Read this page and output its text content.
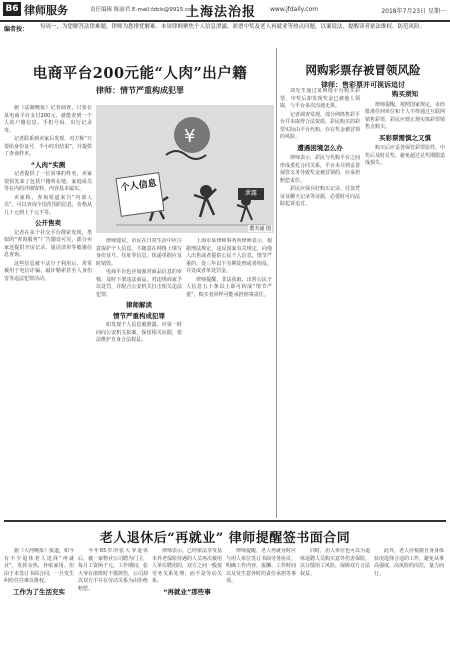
B6 律师服务	责任编辑 陈丽君 E-mail:fzbls@9915.com
上海法治报 www.jfdaily.com	2018年7月23日 星期一
编者按： 每周一，为您解答法律难题，律师为您排忧解难。本周律师聚焦个人信息泄露、彩票中奖及老人再就业等热点问题，以案说法，提醒读者依法维权、防范风险。
电商平台200元能“人肉”出户籍
律师：情节严重构成犯罪
¥
个人信息	泄露
董天丽 图

据《法制晚报》记者调查，只要在某电商平台支付200元，就能查到一个人的户籍信息、手机号码、出行记录等。

记者联系到卖家后发现，对方称“只要给身份证号，半小时出结果”，并提供了查询样本。

“人肉”实测

记者提供了一位同事的姓名，卖家很快发来了包括户籍所在地、家庭成员等在内的详细资料，内容基本属实。

卖家称，查询渠道来自“内部人员”，可以查询全国范围的信息，价格从几十元到上千元不等。

公开售卖

记者在多个社交平台搜索发现，类似的“查询服务”广告随处可见，部分卖家还提供开房记录、通话清单等敏感信息查询。

这些信息被不法分子利用后，常常被用于电信诈骗、敲诈勒索甚至人身伤害等违法犯罪活动。

律师建议，市民在日常生活中应注意保护个人信息，不随意在网络上填写身份证号、住址等信息，快递单据应及时销毁。

电商平台也应加强对商品信息的审核，及时下架违法商品，对违规商家予以处罚，并配合公安机关打击相关违法犯罪。

律师解读
情节严重构成犯罪

如发现个人信息被泄露，应第一时间向公安机关报案，保留相关证据，依法维护自身合法权益。

上海市某律师事务所律师表示，根据刑法规定，违反国家有关规定，向他人出售或者提供公民个人信息，情节严重的，处三年以下有期徒刑或者拘役，并处或者单处罚金。

律师提醒，非法获取、出售公民个人信息五十条以上即可构成“情节严重”，购买者同样可能承担刑事责任。

网购彩票存被冒领风险
律师：售彩票并可视诉追讨

刘先生通过某网络平台购买彩票，中奖后却发现奖金已被他人领取，与平台多次沟通无果。

记者调查发现，部分网络售彩平台并未取得合法资质，彩民购买的彩票实际由平台代购，存在奖金被冒领的风险。

遭遇困境怎么办

律师表示，彩民与代购平台之间形成委托合同关系，平台未尽到妥善保管义务导致奖金被冒领的，应承担赔偿责任。

彩民应保存好购买记录、付款凭证及聊天记录等证据，必要时可向法院起诉追讨。

购买须知

律师提醒，按照国家规定，未经批准任何单位和个人不得通过互联网销售彩票，彩民应到正规实体彩票销售点购买。

买彩票需慎之又慎

购买后应妥善保管彩票原件，中奖后及时兑奖，避免超过兑奖期限造成损失。

老人退休后“再就业” 律师提醒签书面合同

据《大河晚报》报道，如今有不少退休老人选择“再就业”，发挥余热，补贴家用。但由于未签订书面合同，一旦发生纠纷往往难以维权。

工作为了生活充实

今年65岁的张大爷退休后，被一家物业公司聘为门卫，每月工资两千元。工作期间，张大爷在值班时不慎摔伤，公司却以双方不存在劳动关系为由拒绝赔偿。

律师表示，已经依法享受基本养老保险待遇的人员再次被用人单位聘用的，双方之间一般按劳务关系处理，而不是劳动关系。

“再就业”那些事

律师提醒，老人再就业时应与用人单位签订书面劳务协议，明确工作内容、报酬、工作时间以及发生意外时的责任承担等事项。

同时，用人单位也可以为退休返聘人员购买意外伤害保险，以分散用工风险，保障双方合法权益。

此外，老人应根据自身身体状况选择合适的工作，避免从事高强度、高风险的岗位，量力而行。
